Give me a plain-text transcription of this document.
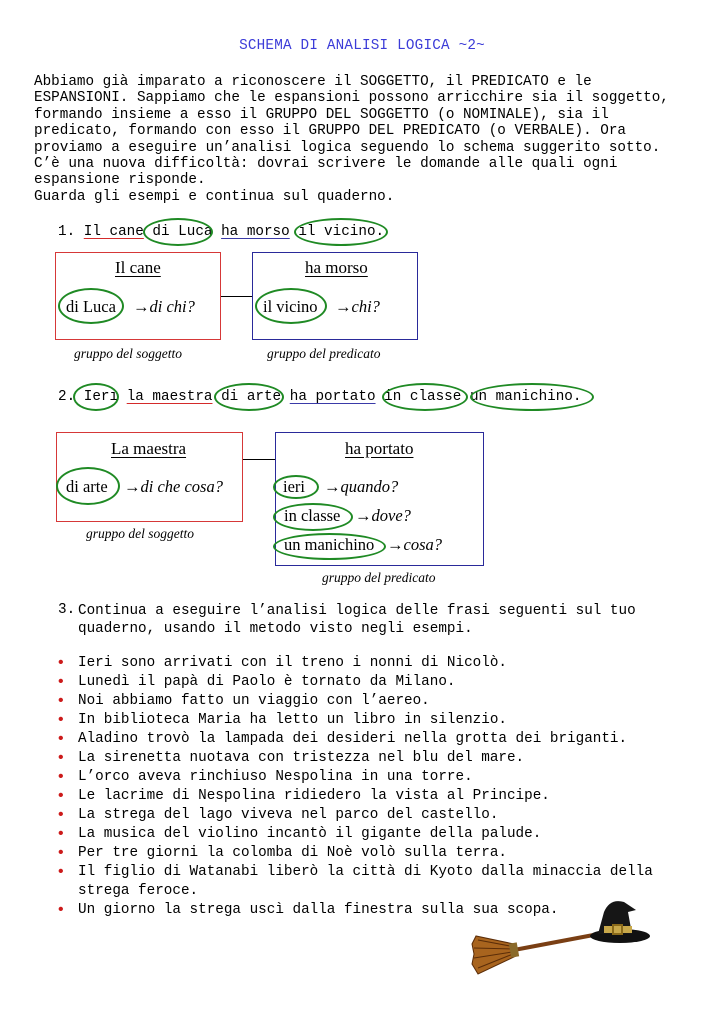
SCHEMA DI ANALISI LOGICA ~2~
Abbiamo già imparato a riconoscere il SOGGETTO, il PREDICATO e le
ESPANSIONI. Sappiamo che le espansioni possono arricchire sia il soggetto,
formando insieme a esso il GRUPPO DEL SOGGETTO (o NOMINALE), sia il
predicato, formando con esso il GRUPPO DEL PREDICATO (o VERBALE). Ora
proviamo a eseguire un’analisi logica seguendo lo schema suggerito sotto.
C’è una nuova difficoltà: dovrai scrivere le domande alle quali ogni
espansione risponde.
Guarda gli esempi e continua sul quaderno.
1. Il cane di Luca ha morso il vicino.
Il cane
di Luca →di chi?
ha morso
il vicino →chi?
gruppo del soggetto	gruppo del predicato
2. Ieri la maestra di arte ha portato in classe un manichino.
La maestra
di arte →di che cosa?
ha portato
ieri →quando?
in classe →dove?
un manichino →cosa?
gruppo del soggetto
gruppo del predicato
3. Continua a eseguire l’analisi logica delle frasi seguenti sul tuo
quaderno, usando il metodo visto negli esempi.
• Ieri sono arrivati con il treno i nonni di Nicolò.
• Lunedì il papà di Paolo è tornato da Milano.
• Noi abbiamo fatto un viaggio con l’aereo.
• In biblioteca Maria ha letto un libro in silenzio.
• Aladino trovò la lampada dei desideri nella grotta dei briganti.
• La sirenetta nuotava con tristezza nel blu del mare.
• L’orco aveva rinchiuso Nespolina in una torre.
• Le lacrime di Nespolina ridiedero la vista al Principe.
• La strega del lago viveva nel parco del castello.
• La musica del violino incantò il gigante della palude.
• Per tre giorni la colomba di Noè volò sulla terra.
• Il figlio di Watanabi liberò la città di Kyoto dalla minaccia della strega feroce.
• Un giorno la strega uscì dalla finestra sulla sua scopa.
